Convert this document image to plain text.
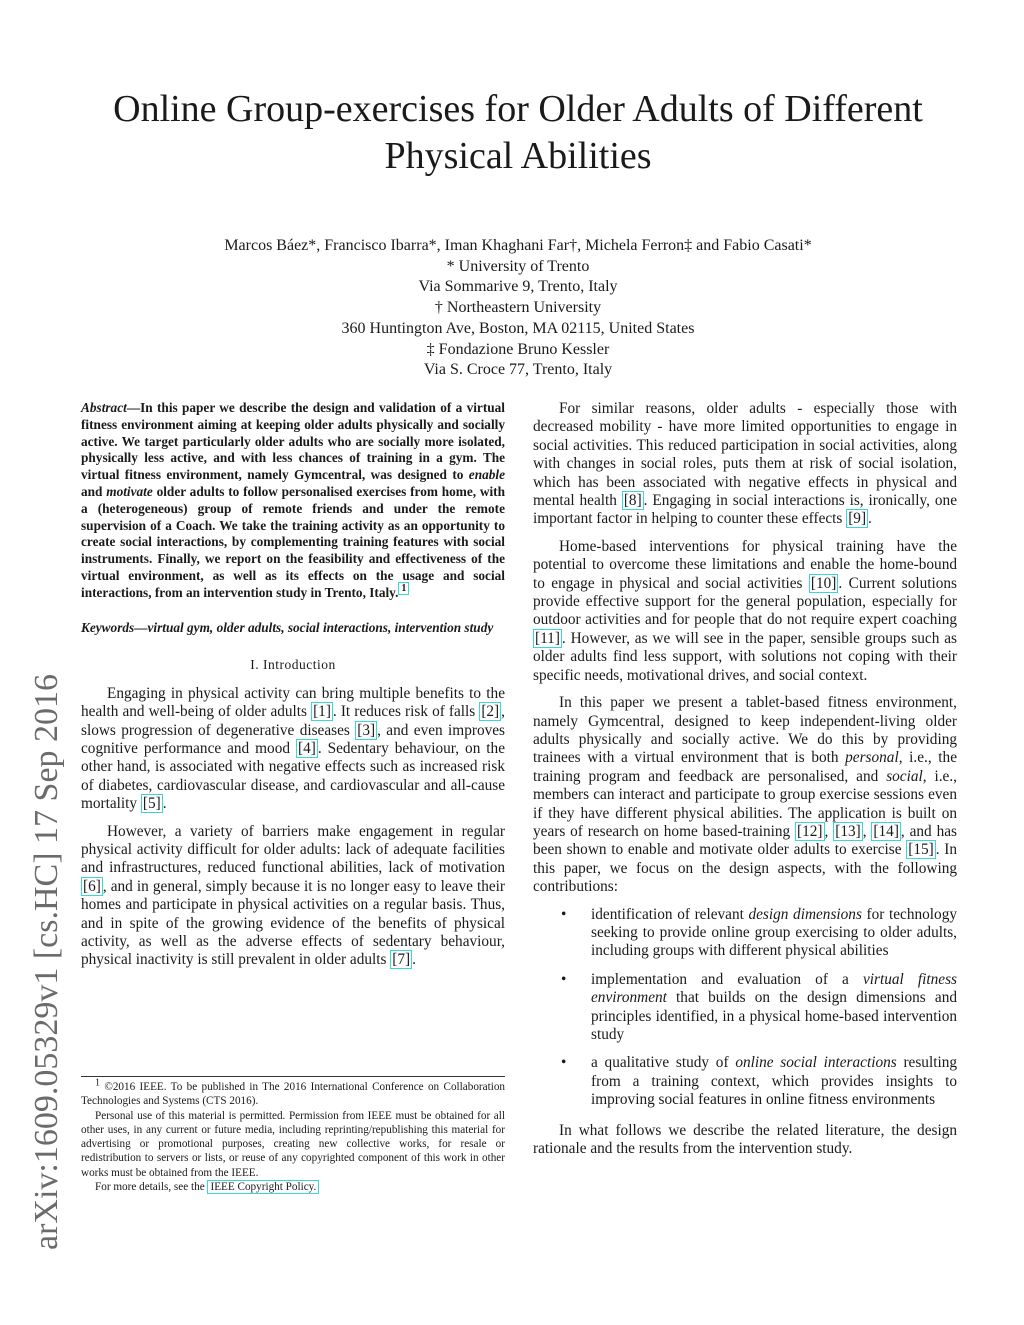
Online Group-exercises for Older Adults of Different
Physical Abilities
Marcos Báez*, Francisco Ibarra*, Iman Khaghani Far†, Michela Ferron‡ and Fabio Casati*
* University of Trento
Via Sommarive 9, Trento, Italy
† Northeastern University
360 Huntington Ave, Boston, MA 02115, United States
‡ Fondazione Bruno Kessler
Via S. Croce 77, Trento, Italy
arXiv:1609.05329v1 [cs.HC] 17 Sep 2016
Abstract—In this paper we describe the design and validation of a virtual fitness environment aiming at keeping older adults physically and socially active. We target particularly older adults who are socially more isolated, physically less active, and with less chances of training in a gym. The virtual fitness environment, namely Gymcentral, was designed to enable and motivate older adults to follow personalised exercises from home, with a (heterogeneous) group of remote friends and under the remote supervision of a Coach. We take the training activity as an opportunity to create social interactions, by complementing training features with social instruments. Finally, we report on the feasibility and effectiveness of the virtual environment, as well as its effects on the usage and social interactions, from an intervention study in Trento, Italy. $^1$
Keywords—virtual gym, older adults, social interactions, intervention study
I. Introduction

Engaging in physical activity can bring multiple benefits to the health and well-being of older adults [1] . It reduces risk of falls [2] , slows progression of degenerative diseases [3] , and even improves cognitive performance and mood [4] . Sedentary behaviour, on the other hand, is associated with negative effects such as increased risk of diabetes, cardiovascular disease, and cardiovascular and all-cause mortality [5] .

However, a variety of barriers make engagement in regular physical activity difficult for older adults: lack of adequate facilities and infrastructures, reduced functional abilities, lack of motivation [6] , and in general, simply because it is no longer easy to leave their homes and participate in physical activities on a regular basis. Thus, and in spite of the growing evidence of the benefits of physical activity, as well as the adverse effects of sedentary behaviour, physical inactivity is still prevalent in older adults [7] .

1 ©2016 IEEE. To be published in The 2016 International Conference on Collaboration Technologies and Systems (CTS 2016).

Personal use of this material is permitted. Permission from IEEE must be obtained for all other uses, in any current or future media, including reprinting/republishing this material for advertising or promotional purposes, creating new collective works, for resale or redistribution to servers or lists, or reuse of any copyrighted component of this work in other works must be obtained from the IEEE.

For more details, see the IEEE Copyright Policy.

For similar reasons, older adults - especially those with decreased mobility - have more limited opportunities to engage in social activities. This reduced participation in social activities, along with changes in social roles, puts them at risk of social isolation, which has been associated with negative effects in physical and mental health [8] . Engaging in social interactions is, ironically, one important factor in helping to counter these effects [9] .

Home-based interventions for physical training have the potential to overcome these limitations and enable the home-bound to engage in physical and social activities [10] . Current solutions provide effective support for the general population, especially for outdoor activities and for people that do not require expert coaching [11] . However, as we will see in the paper, sensible groups such as older adults find less support, with solutions not coping with their specific needs, motivational drives, and social context.

In this paper we present a tablet-based fitness environment, namely Gymcentral, designed to keep independent-living older adults physically and socially active. We do this by providing trainees with a virtual environment that is both personal, i.e., the training program and feedback are personalised, and social, i.e., members can interact and participate to group exercise sessions even if they have different physical abilities. The application is built on years of research on home based-training [12] , [13] , [14] , and has been shown to enable and motivate older adults to exercise [15] . In this paper, we focus on the design aspects, with the following contributions:

• identification of relevant design dimensions for technology seeking to provide online group exercising to older adults, including groups with different physical abilities
• implementation and evaluation of a virtual fitness environment that builds on the design dimensions and principles identified, in a physical home-based intervention study
• a qualitative study of online social interactions resulting from a training context, which provides insights to improving social features in online fitness environments

In what follows we describe the related literature, the design rationale and the results from the intervention study.
